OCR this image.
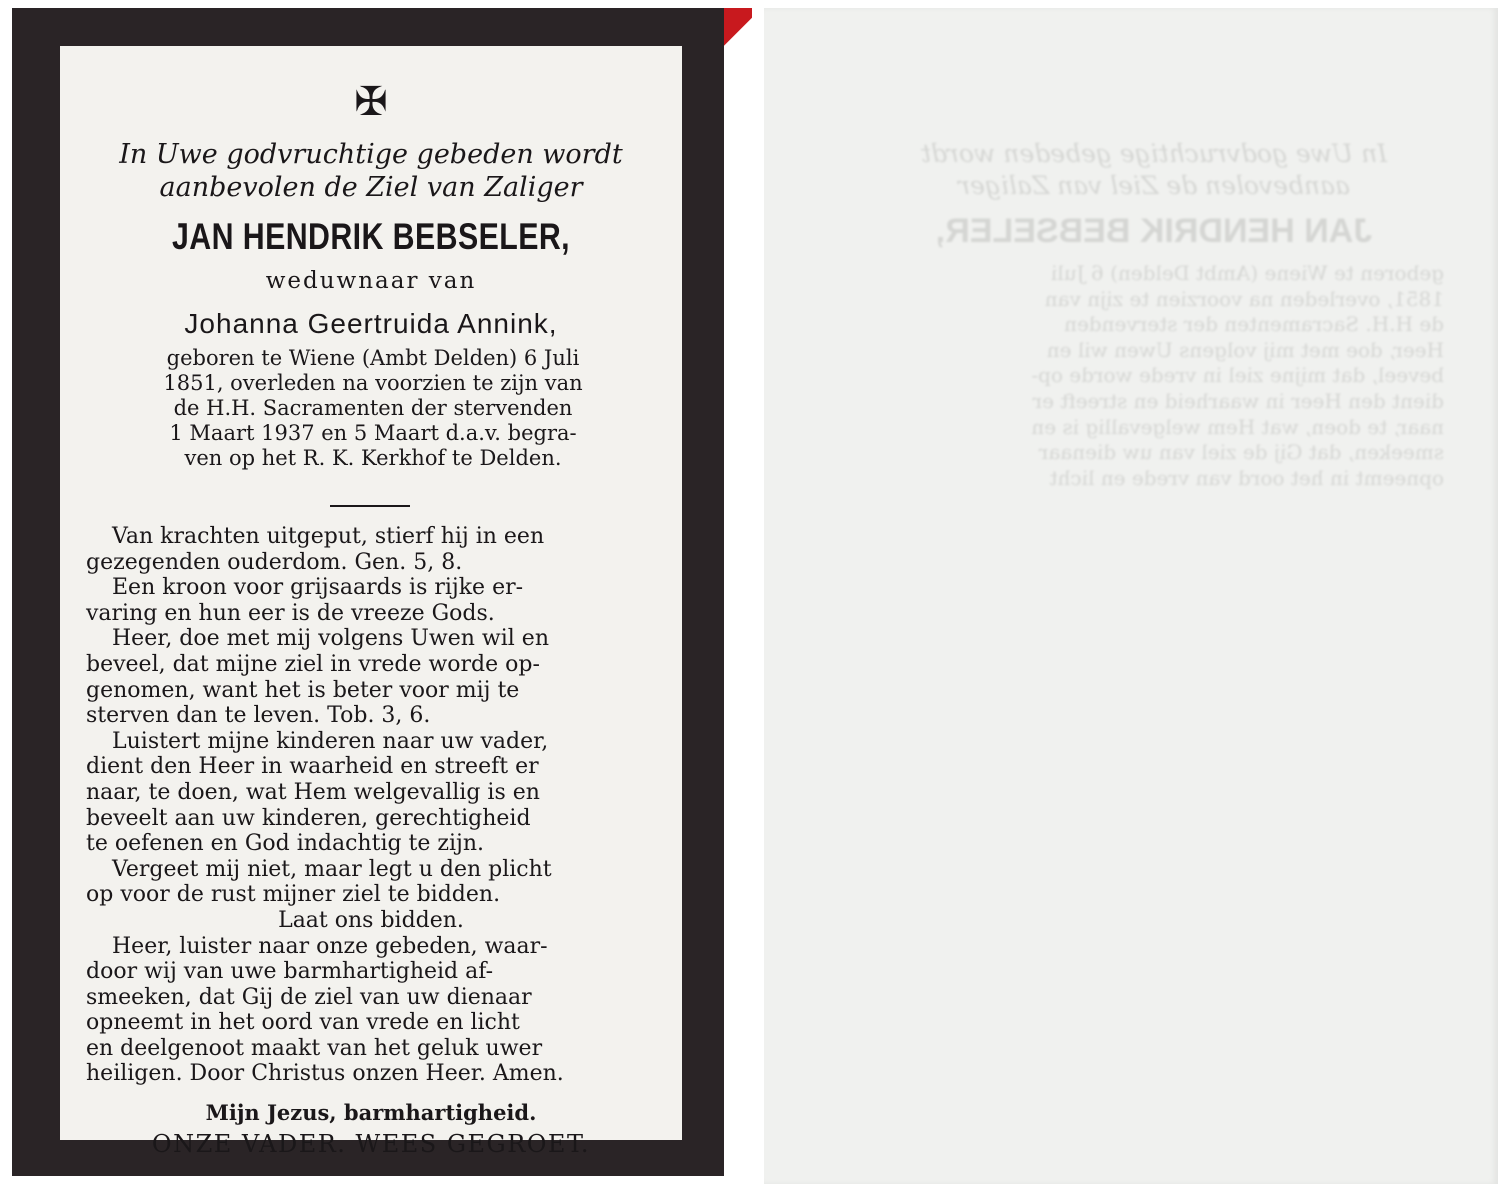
✠
In Uwe godvruchtige gebeden wordt
aanbevolen de Ziel van Zaliger
JAN HENDRIK BEBSELER,
weduwnaar van
Johanna Geertruida Annink,
geboren te Wiene (Ambt Delden) 6 Juli
1851, overleden na voorzien te zijn van
de H.H. Sacramenten der stervenden
1 Maart 1937 en 5 Maart d.a.v. begra-
ven op het R. K. Kerkhof te Delden.
Van krachten uitgeput, stierf hij in een
gezegenden ouderdom. Gen. 5, 8.
Een kroon voor grijsaards is rijke er-
varing en hun eer is de vreeze Gods.
Heer, doe met mij volgens Uwen wil en
beveel, dat mijne ziel in vrede worde op-
genomen, want het is beter voor mij te
sterven dan te leven. Tob. 3, 6.
Luistert mijne kinderen naar uw vader,
dient den Heer in waarheid en streeft er
naar, te doen, wat Hem welgevallig is en
beveelt aan uw kinderen, gerechtigheid
te oefenen en God indachtig te zijn.
Vergeet mij niet, maar legt u den plicht
op voor de rust mijner ziel te bidden.
Laat ons bidden.
Heer, luister naar onze gebeden, waar-
door wij van uwe barmhartigheid af-
smeeken, dat Gij de ziel van uw dienaar
opneemt in het oord van vrede en licht
en deelgenoot maakt van het geluk uwer
heiligen. Door Christus onzen Heer. Amen.
Mijn Jezus, barmhartigheid.
ONZE VADER. WEES GEGROET.
In Uwe godvruchtige gebeden wordt
aanbevolen de Ziel van Zaliger
JAN HENDRIK BEBSELER,
geboren te Wiene (Ambt Delden) 6 Juli
1851, overleden na voorzien te zijn van
de H.H. Sacramenten der stervenden
Heer, doe met mij volgens Uwen wil en
beveel, dat mijne ziel in vrede worde op-
dient den Heer in waarheid en streeft er
naar, te doen, wat Hem welgevallig is en
smeeken, dat Gij de ziel van uw dienaar
opneemt in het oord van vrede en licht
